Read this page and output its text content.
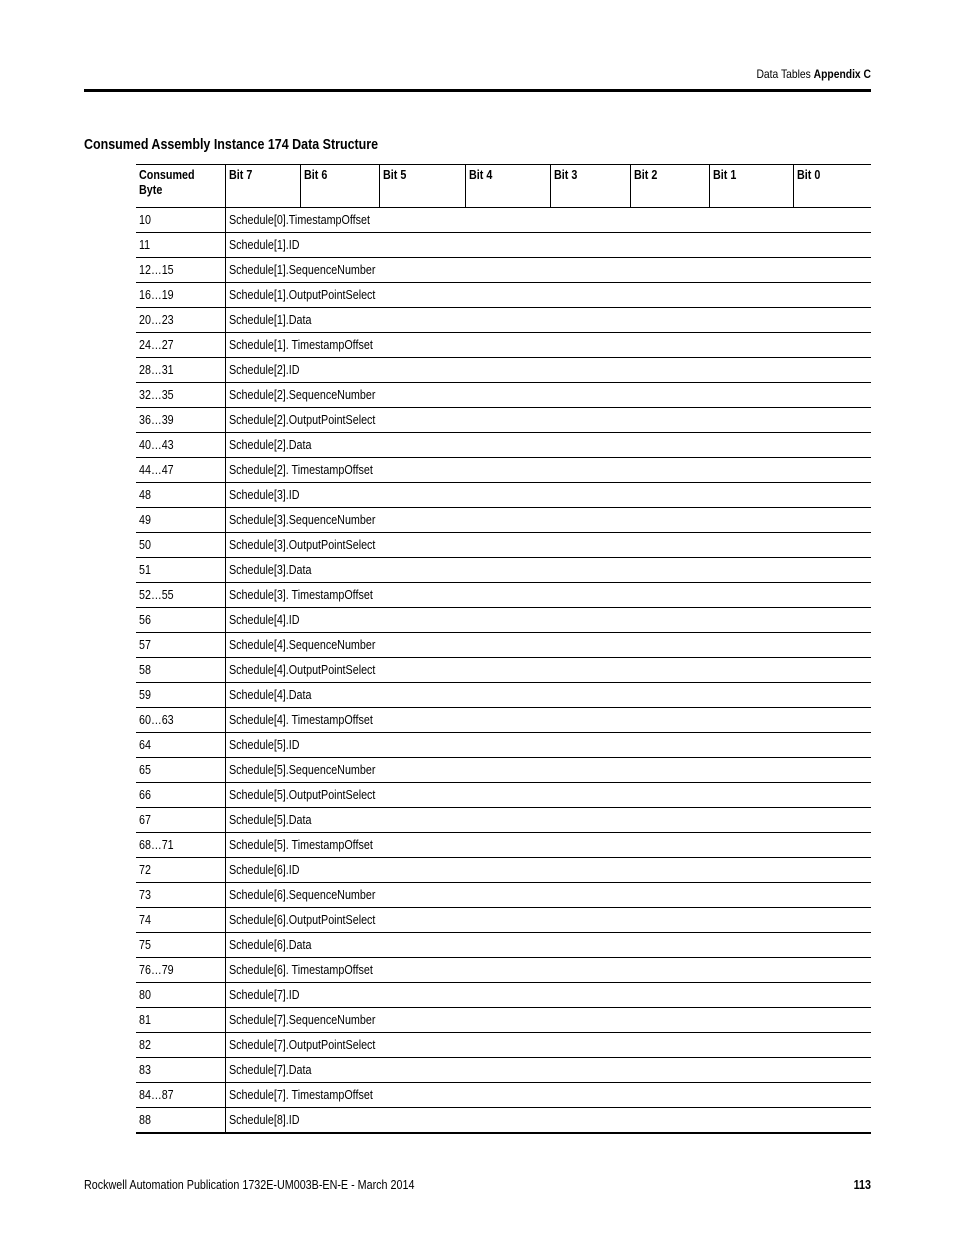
Data Tables Appendix C
Consumed Assembly Instance 174 Data Structure
Consumed Byte	Bit 7	Bit 6	Bit 5	Bit 4	Bit 3	Bit 2	Bit 1	Bit 0
10	Schedule[0].TimestampOffset							
11	Schedule[1].ID							
12…15	Schedule[1].SequenceNumber							
16…19	Schedule[1].OutputPointSelect							
20…23	Schedule[1].Data							
24…27	Schedule[1]. TimestampOffset							
28…31	Schedule[2].ID							
32…35	Schedule[2].SequenceNumber							
36…39	Schedule[2].OutputPointSelect							
40…43	Schedule[2].Data							
44…47	Schedule[2]. TimestampOffset							
48	Schedule[3].ID							
49	Schedule[3].SequenceNumber							
50	Schedule[3].OutputPointSelect							
51	Schedule[3].Data							
52…55	Schedule[3]. TimestampOffset							
56	Schedule[4].ID							
57	Schedule[4].SequenceNumber							
58	Schedule[4].OutputPointSelect							
59	Schedule[4].Data							
60…63	Schedule[4]. TimestampOffset							
64	Schedule[5].ID							
65	Schedule[5].SequenceNumber							
66	Schedule[5].OutputPointSelect							
67	Schedule[5].Data							
68…71	Schedule[5]. TimestampOffset							
72	Schedule[6].ID							
73	Schedule[6].SequenceNumber							
74	Schedule[6].OutputPointSelect							
75	Schedule[6].Data							
76…79	Schedule[6]. TimestampOffset							
80	Schedule[7].ID							
81	Schedule[7].SequenceNumber							
82	Schedule[7].OutputPointSelect							
83	Schedule[7].Data							
84…87	Schedule[7]. TimestampOffset							
88	Schedule[8].ID							
Rockwell Automation Publication 1732E-UM003B-EN-E - March 2014	113
